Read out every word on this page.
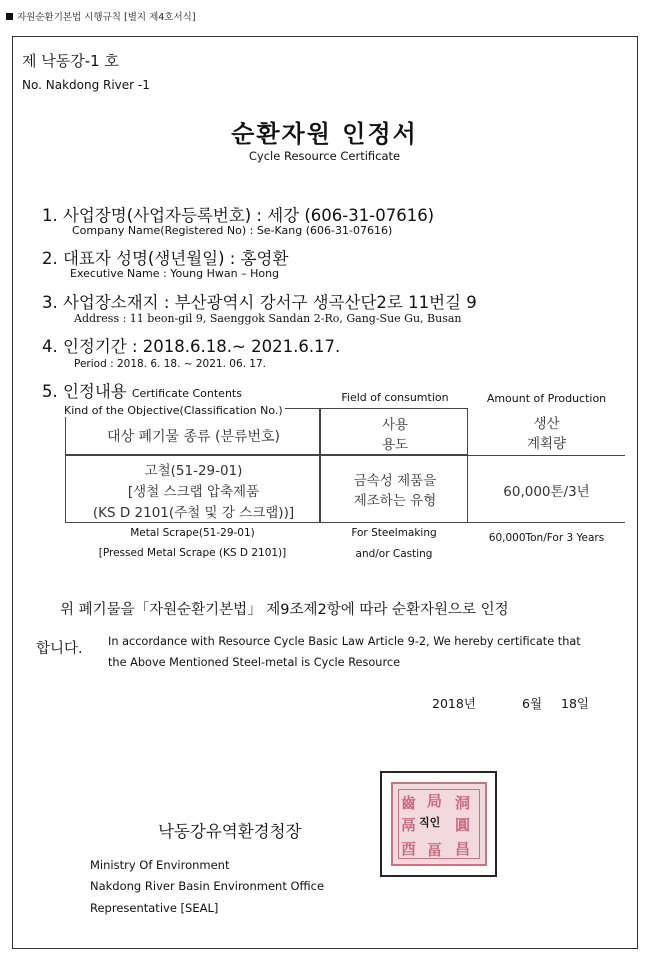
자원순환기본법 시행규칙 [별지 제4호서식]
제 낙동강-1 호
No. Nakdong River -1
순환자원 인정서
Cycle Resource Certificate
1. 사업장명(사업자등록번호) : 세강 (606-31-07616)
Company Name(Registered No) : Se-Kang (606-31-07616)
2. 대표자 성명(생년월일) : 홍영환
Executive Name : Young Hwan – Hong
3. 사업장소재지 : 부산광역시 강서구 생곡산단2로 11번길 9
Address : 11 beon-gil 9, Saenggok Sandan 2-Ro, Gang-Sue Gu, Busan
4. 인정기간 : 2018.6.18.~ 2021.6.17.
Period : 2018. 6. 18. ~ 2021. 06. 17.
5. 인정내용 Certificate Contents
Kind of the Objective(Classification No.)
대상 폐기물 종류 (분류번호)
Field of consumtion
사용
용도
Amount of Production
생산
계획량
고철(51-29-01)
[생철 스크랩 압축제품
(KS D 2101(주철 및 강 스크랩))]
금속성 제품을
제조하는 유형
60,000톤/3년
Metal Scrape(51-29-01)
[Pressed Metal Scrape (KS D 2101)]
For Steelmaking
and/or Casting
60,000Ton/For 3 Years
위 폐기물을「자원순환기본법」 제9조제2항에 따라 순환자원으로 인정
합니다. In accordance with Resource Cycle Basic Law Article 9-2, We hereby certificate that
the Above Mentioned Steel-metal is Cycle Resource
2018년	6월 18일
낙동강유역환경청장
Ministry Of Environment
Nakdong River Basin Environment Office
Representative [SEAL]
齒 局 洞
鬲	圓
酉 畐 昌
직인
